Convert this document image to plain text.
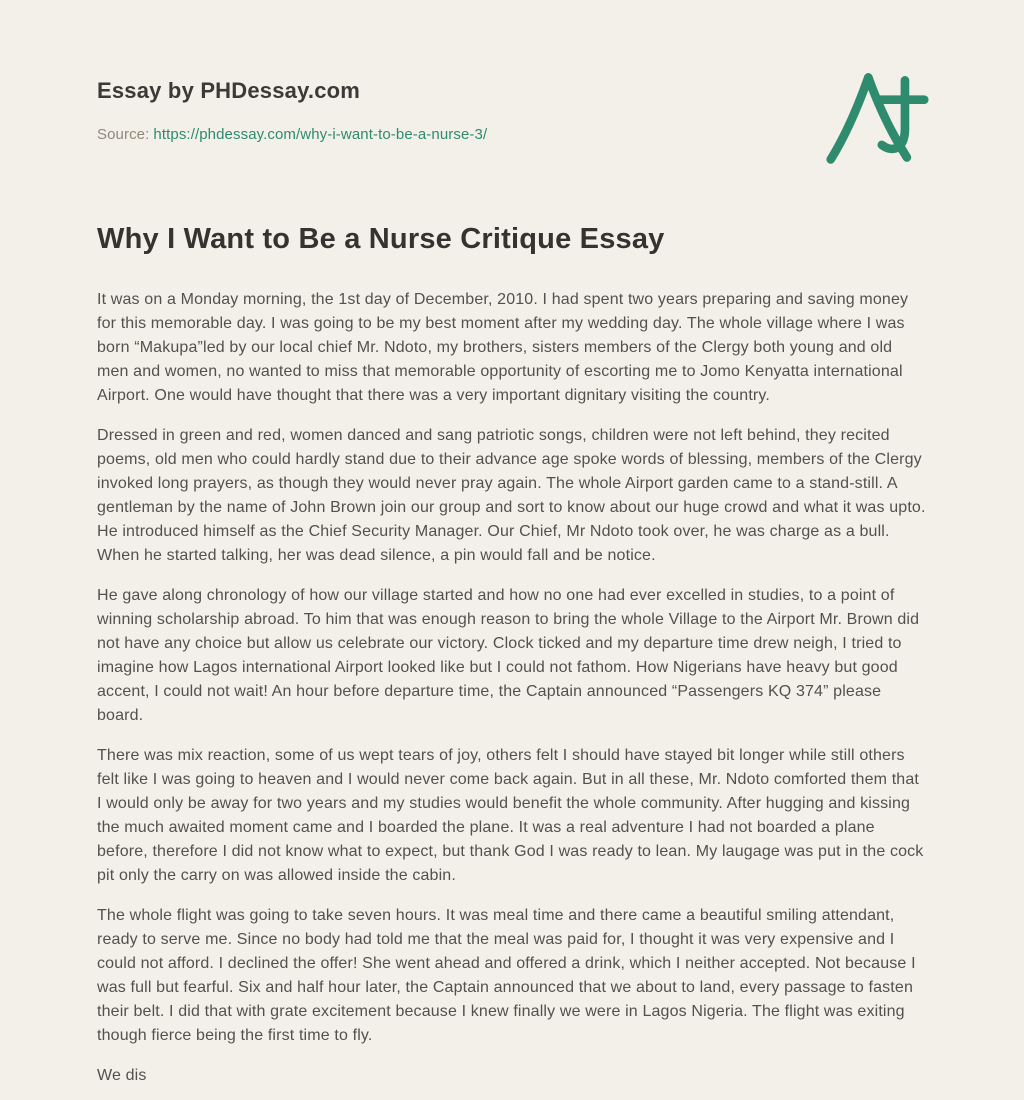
Essay by PHDessay.com
Source: https://phdessay.com/why-i-want-to-be-a-nurse-3/
Why I Want to Be a Nurse Critique Essay

It was on a Monday morning, the 1st day of December, 2010. I had spent two years preparing and saving money for this memorable day. I was going to be my best moment after my wedding day. The whole village where I was born “Makupa”led by our local chief Mr. Ndoto, my brothers, sisters members of the Clergy both young and old men and women, no wanted to miss that memorable opportunity of escorting me to Jomo Kenyatta international Airport. One would have thought that there was a very important dignitary visiting the country.

Dressed in green and red, women danced and sang patriotic songs, children were not left behind, they recited poems, old men who could hardly stand due to their advance age spoke words of blessing, members of the Clergy invoked long prayers, as though they would never pray again. The whole Airport garden came to a stand-still. A gentleman by the name of John Brown join our group and sort to know about our huge crowd and what it was upto. He introduced himself as the Chief Security Manager. Our Chief, Mr Ndoto took over, he was charge as a bull. When he started talking, her was dead silence, a pin would fall and be notice.

He gave along chronology of how our village started and how no one had ever excelled in studies, to a point of winning scholarship abroad. To him that was enough reason to bring the whole Village to the Airport Mr. Brown did not have any choice but allow us celebrate our victory. Clock ticked and my departure time drew neigh, I tried to imagine how Lagos international Airport looked like but I could not fathom. How Nigerians have heavy but good accent, I could not wait! An hour before departure time, the Captain announced “Passengers KQ 374” please board.

There was mix reaction, some of us wept tears of joy, others felt I should have stayed bit longer while still others felt like I was going to heaven and I would never come back again. But in all these, Mr. Ndoto comforted them that I would only be away for two years and my studies would benefit the whole community. After hugging and kissing the much awaited moment came and I boarded the plane. It was a real adventure I had not boarded a plane before, therefore I did not know what to expect, but thank God I was ready to lean. My laugage was put in the cock pit only the carry on was allowed inside the cabin.

The whole flight was going to take seven hours. It was meal time and there came a beautiful smiling attendant, ready to serve me. Since no body had told me that the meal was paid for, I thought it was very expensive and I could not afford. I declined the offer! She went ahead and offered a drink, which I neither accepted. Not because I was full but fearful. Six and half hour later, the Captain announced that we about to land, every passage to fasten their belt. I did that with grate excitement because I knew finally we were in Lagos Nigeria. The flight was exiting though fierce being the first time to fly.

We dis
